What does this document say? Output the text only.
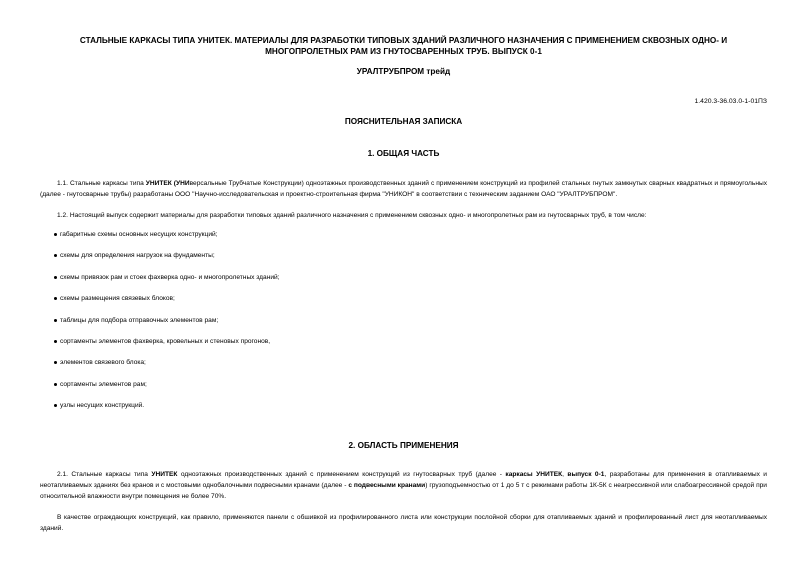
СТАЛЬНЫЕ КАРКАСЫ ТИПА УНИТЕК. МАТЕРИАЛЫ ДЛЯ РАЗРАБОТКИ ТИПОВЫХ ЗДАНИЙ РАЗЛИЧНОГО НАЗНАЧЕНИЯ С ПРИМЕНЕНИЕМ СКВОЗНЫХ ОДНО- И
МНОГОПРОЛЕТНЫХ РАМ ИЗ ГНУТОСВАРЕННЫХ ТРУБ. ВЫПУСК 0-1
УРАЛТРУБПРОМ трейд
1.420.3-36.03.0-1-01ПЗ
ПОЯСНИТЕЛЬНАЯ ЗАПИСКА
1. ОБЩАЯ ЧАСТЬ
1.1. Стальные каркасы типа УНИТЕК (УНИверсальные Трубчатые Конструкции) одноэтажных производственных зданий с применением конструкций из профилей стальных гнутых замкнутых сварных квадратных и прямоугольных (далее - гнутосварные трубы) разработаны ООО "Научно-исследовательская и проектно-строительная фирма "УНИКОН" в соответствии с техническим заданием ОАО "УРАЛТРУБПРОМ".
1.2. Настоящий выпуск содержит материалы для разработки типовых зданий различного назначения с применением сквозных одно- и многопролетных рам из гнутосварных труб, в том числе:
габаритные схемы основных несущих конструкций;
схемы для определения нагрузок на фундаменты;
схемы привязок рам и стоек фахверка одно- и многопролетных зданий;
схемы размещения связевых блоков;
таблицы для подбора отправочных элементов рам;
сортаменты элементов фахверка, кровельных и стеновых прогонов,
элементов связевого блока;
сортаменты элементов рам;
узлы несущих конструкций.
2. ОБЛАСТЬ ПРИМЕНЕНИЯ
2.1. Стальные каркасы типа УНИТЕК одноэтажных производственных зданий с применением конструкций из гнутосварных труб (далее - каркасы УНИТЕК, выпуск 0-1, разработаны для применения в отапливаемых и неотапливаемых зданиях без кранов и с мостовыми однобалочными подвесными кранами (далее - с подвесными кранами) грузоподъемностью от 1 до 5 т с режимами работы 1К-5К с неагрессивной или слабоагрессивной средой при относительной влажности внутри помещения не более 70%.
В качестве ограждающих конструкций, как правило, применяются панели с обшивкой из профилированного листа или конструкции послойной сборки для отапливаемых зданий и профилированный лист для неотапливаемых зданий.
